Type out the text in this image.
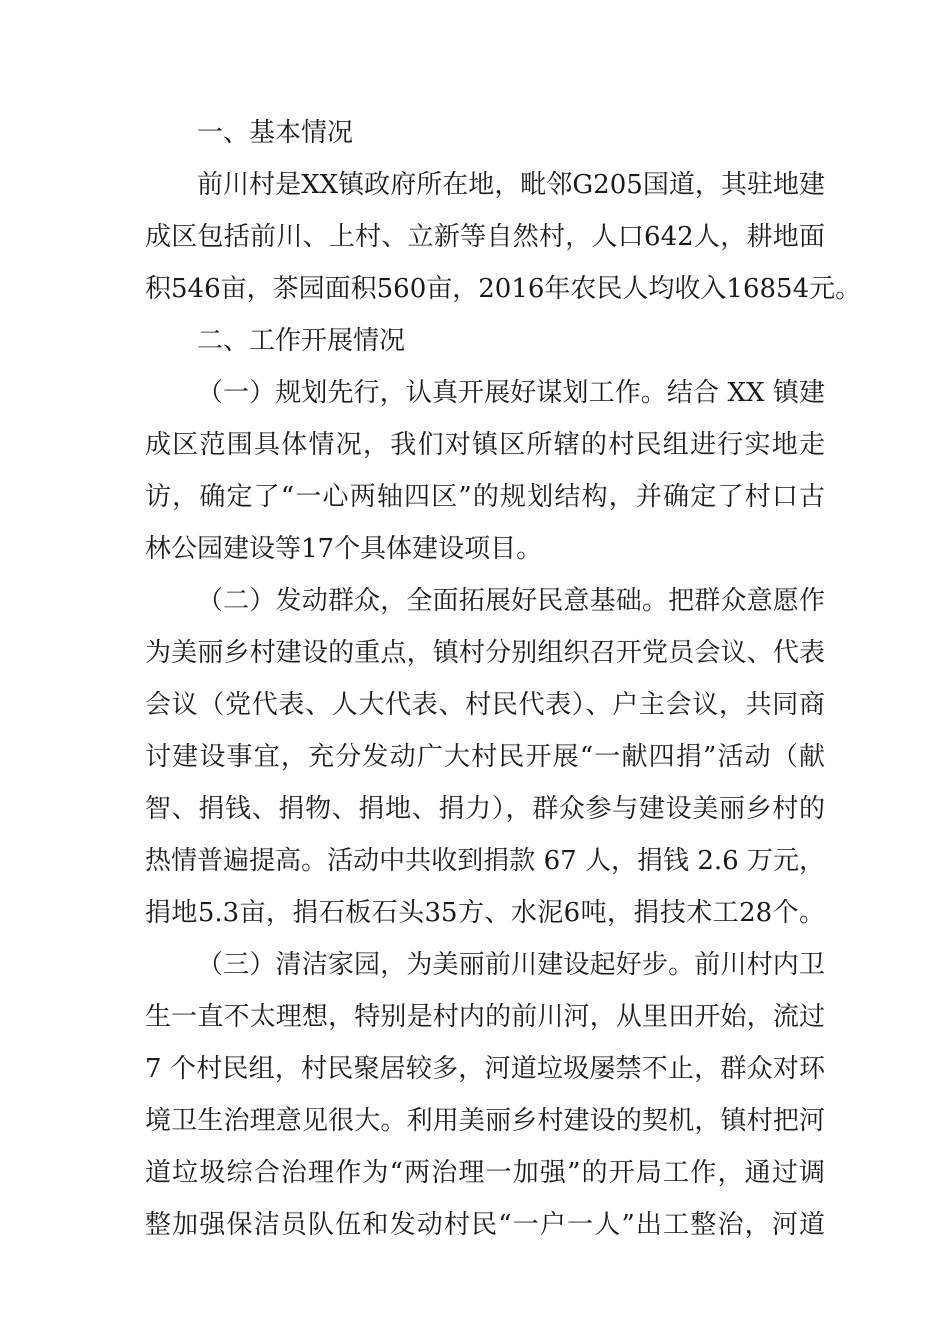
一、基本情况

前川村是XX镇政府所在地，毗邻G205国道，其驻地建

成区包括前川、上村、立新等自然村，人口642人，耕地面

积546亩，茶园面积560亩，2016年农民人均收入16854元。

二、工作开展情况

（一）规划先行，认真开展好谋划工作。结合 XX 镇建

成区范围具体情况，我们对镇区所辖的村民组进行实地走

访，确定了“一心两轴四区”的规划结构，并确定了村口古

林公园建设等17个具体建设项目。

（二）发动群众，全面拓展好民意基础。把群众意愿作

为美丽乡村建设的重点，镇村分别组织召开党员会议、代表

会议（党代表、人大代表、村民代表）、户主会议，共同商

讨建设事宜，充分发动广大村民开展“一献四捐”活动（献

智、捐钱、捐物、捐地、捐力），群众参与建设美丽乡村的

热情普遍提高。活动中共收到捐款 67 人，捐钱 2.6 万元，

捐地5.3亩，捐石板石头35方、水泥6吨，捐技术工28个。

（三）清洁家园，为美丽前川建设起好步。前川村内卫

生一直不太理想，特别是村内的前川河，从里田开始，流过

7 个村民组，村民聚居较多，河道垃圾屡禁不止，群众对环

境卫生治理意见很大。利用美丽乡村建设的契机，镇村把河

道垃圾综合治理作为“两治理一加强”的开局工作，通过调

整加强保洁员队伍和发动村民“一户一人”出工整治，河道
